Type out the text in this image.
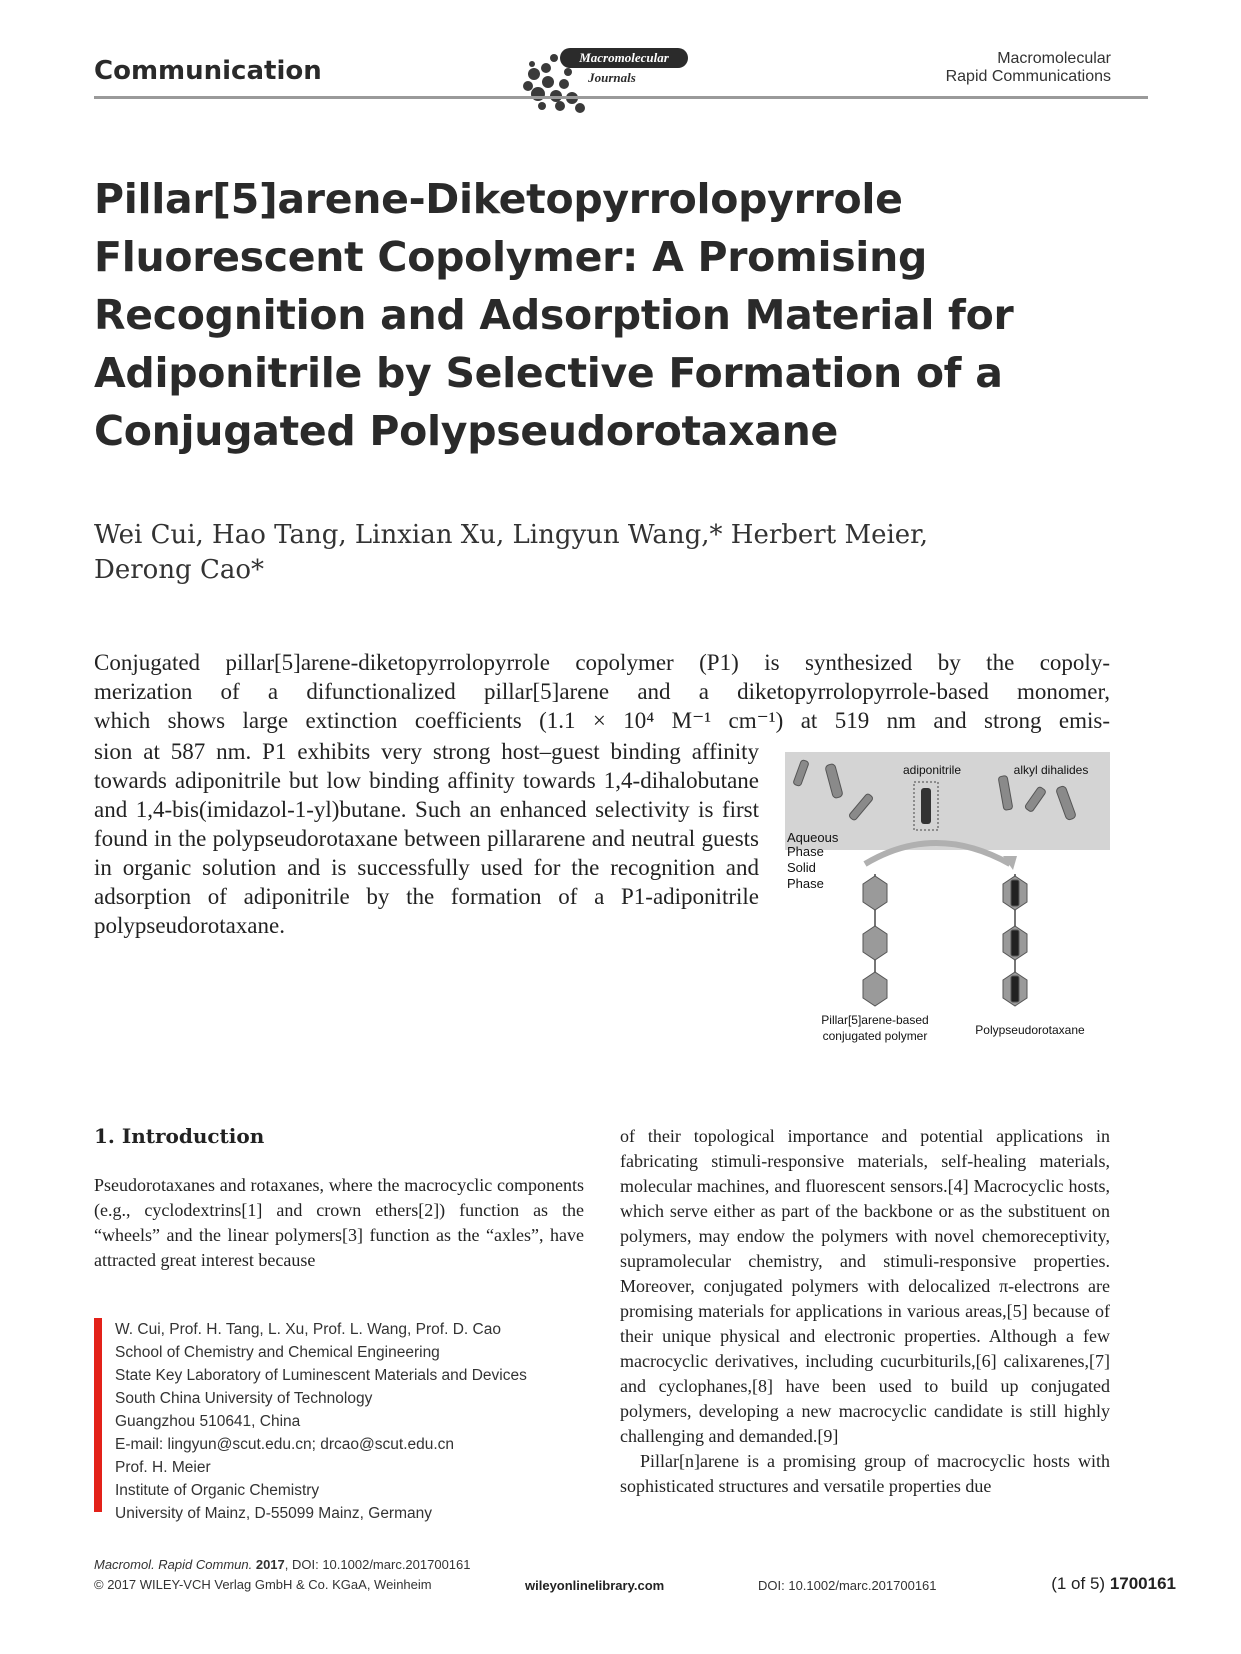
Communication	Macromolecular
Journals
Macromolecular
Rapid Communications
Pillar[5]arene-Diketopyrrolopyrrole Fluorescent Copolymer: A Promising Recognition and Adsorption Material for Adiponitrile by Selective Formation of a Conjugated Polypseudorotaxane
Wei Cui, Hao Tang, Linxian Xu, Lingyun Wang,* Herbert Meier,
Derong Cao*
Conjugated pillar[5]arene-diketopyrrolopyrrole copolymer (P1) is synthesized by the copoly-
merization of a difunctionalized pillar[5]arene and a diketopyrrolopyrrole-based monomer,
which shows large extinction coefficients (1.1 × 10⁴ M⁻¹ cm⁻¹) at 519 nm and strong emis-
sion at 587 nm. P1 exhibits very strong host–guest binding affinity towards adiponitrile but low binding affinity towards 1,4-dihalobutane and 1,4-bis(imidazol-1-yl)butane. Such an enhanced selectivity is first found in the polypseudorotaxane between pillararene and neutral guests in organic solution and is successfully used for the recognition and adsorption of adiponitrile by the formation of a P1-adiponitrile polypseudorotaxane.
adiponitrile	alkyl dihalides
Aqueous
Phase
Solid
Phase
Pillar[5]arene-based
conjugated polymer	Polypseudorotaxane
1. Introduction
Pseudorotaxanes and rotaxanes, where the macrocyclic components (e.g., cyclodextrins[1] and crown ethers[2]) function as the “wheels” and the linear polymers[3] function as the “axles”, have attracted great interest because
of their topological importance and potential applications in fabricating stimuli-responsive materials, self-healing materials, molecular machines, and fluorescent sensors.[4] Macrocyclic hosts, which serve either as part of the backbone or as the substituent on polymers, may endow the polymers with novel chemoreceptivity, supramolecular chemistry, and stimuli-responsive properties. Moreover, conjugated polymers with delocalized π-electrons are promising materials for applications in various areas,[5] because of their unique physical and electronic properties. Although a few macrocyclic derivatives, including cucurbiturils,[6] calixarenes,[7] and cyclophanes,[8] have been used to build up conjugated polymers, developing a new macrocyclic candidate is still highly challenging and demanded.[9]
Pillar[n]arene is a promising group of macrocyclic hosts with sophisticated structures and versatile properties due
W. Cui, Prof. H. Tang, L. Xu, Prof. L. Wang, Prof. D. Cao
School of Chemistry and Chemical Engineering
State Key Laboratory of Luminescent Materials and Devices
South China University of Technology
Guangzhou 510641, China
E-mail: lingyun@scut.edu.cn; drcao@scut.edu.cn
Prof. H. Meier
Institute of Organic Chemistry
University of Mainz, D-55099 Mainz, Germany
Macromol. Rapid Commun. 2017, DOI: 10.1002/marc.201700161
© 2017 WILEY-VCH Verlag GmbH & Co. KGaA, Weinheim	wileyonlinelibrary.com	DOI: 10.1002/marc.201700161	(1 of 5) 1700161
